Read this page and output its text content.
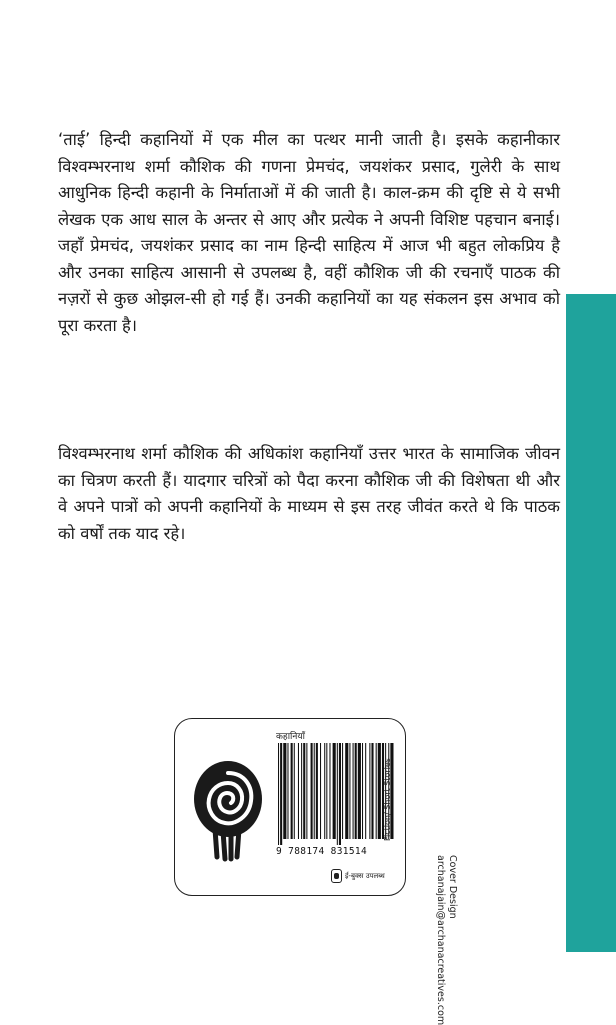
‘ताई’ हिन्दी कहानियों में एक मील का पत्थर मानी जाती है। इसके कहानीकार विश्वम्भरनाथ शर्मा कौशिक की गणना प्रेमचंद, जयशंकर प्रसाद, गुलेरी के साथ आधुनिक हिन्दी कहानी के निर्माताओं में की जाती है। काल-क्रम की दृष्टि से ये सभी लेखक एक आध साल के अन्तर से आए और प्रत्येक ने अपनी विशिष्ट पहचान बनाई। जहाँ प्रेमचंद, जयशंकर प्रसाद का नाम हिन्दी साहित्य में आज भी बहुत लोकप्रिय है और उनका साहित्य आसानी से उपलब्ध है, वहीं कौशिक जी की रचनाएँ पाठक की नज़रों से कुछ ओझल-सी हो गई हैं। उनकी कहानियों का यह संकलन इस अभाव को पूरा करता है।

विश्वम्भरनाथ शर्मा कौशिक की अधिकांश कहानियाँ उत्तर भारत के सामाजिक जीवन का चित्रण करती हैं। यादगार चरित्रों को पैदा करना कौशिक जी की विशेषता थी और वे अपने पात्रों को अपनी कहानियों के माध्यम से इस तरह जीवंत करते थे कि पाठक को वर्षों तक याद रहे।

Cover Design
archanajain@archanacreatives.com
कहानियाँ
9 788174 831514
Fiction/ Short Stories
ई-बुक्स उपलब्ध
